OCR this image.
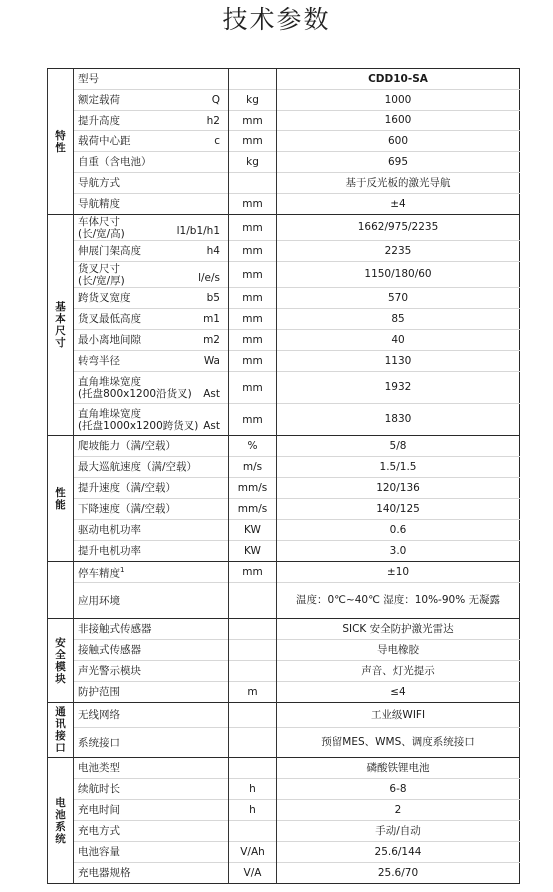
技术参数
特
性	型号		CDD10-SA
	额定载荷 Q	kg	1000
	提升高度 h2	mm	1600
	载荷中心距 c	mm	600
	自重（含电池）	kg	695
	导航方式		基于反光板的激光导航
	导航精度	mm	±4
基
本
尺
寸	车体尺寸
(长/宽/高) l1/b1/h1	mm	1662/975/2235
	伸展门架高度 h4	mm	2235
	货叉尺寸
(长/宽/厚) l/e/s	mm	1150/180/60
	跨货叉宽度 b5	mm	570
	货叉最低高度 m1	mm	85
	最小离地间隙 m2	mm	40
	转弯半径 Wa	mm	1130
	直角堆垛宽度
(托盘800x1200沿货叉) Ast	mm	1932
	直角堆垛宽度
(托盘1000x1200跨货叉) Ast	mm	1830
性
能	爬坡能力（满/空载）	%	5/8
	最大巡航速度（满/空载）	m/s	1.5/1.5
	提升速度（满/空载）	mm/s	120/136
	下降速度（满/空载）	mm/s	140/125
	驱动电机功率	KW	0.6
	提升电机功率	KW	3.0
	停车精度$^1$	mm	±10
	应用环境		温度：0℃~40℃ 湿度：10%-90% 无凝露
安
全
模
块	非接触式传感器		SICK 安全防护激光雷达
	接触式传感器		导电橡胶
	声光警示模块		声音、灯光提示
	防护范围	m	≤4
通
讯
接
口	无线网络		工业级WIFI
	系统接口		预留MES、WMS、调度系统接口
电
池
系
统	电池类型		磷酸铁锂电池
	续航时长	h	6-8
	充电时间	h	2
	充电方式		手动/自动
	电池容量	V/Ah	25.6/144
	充电器规格	V/A	25.6/70
